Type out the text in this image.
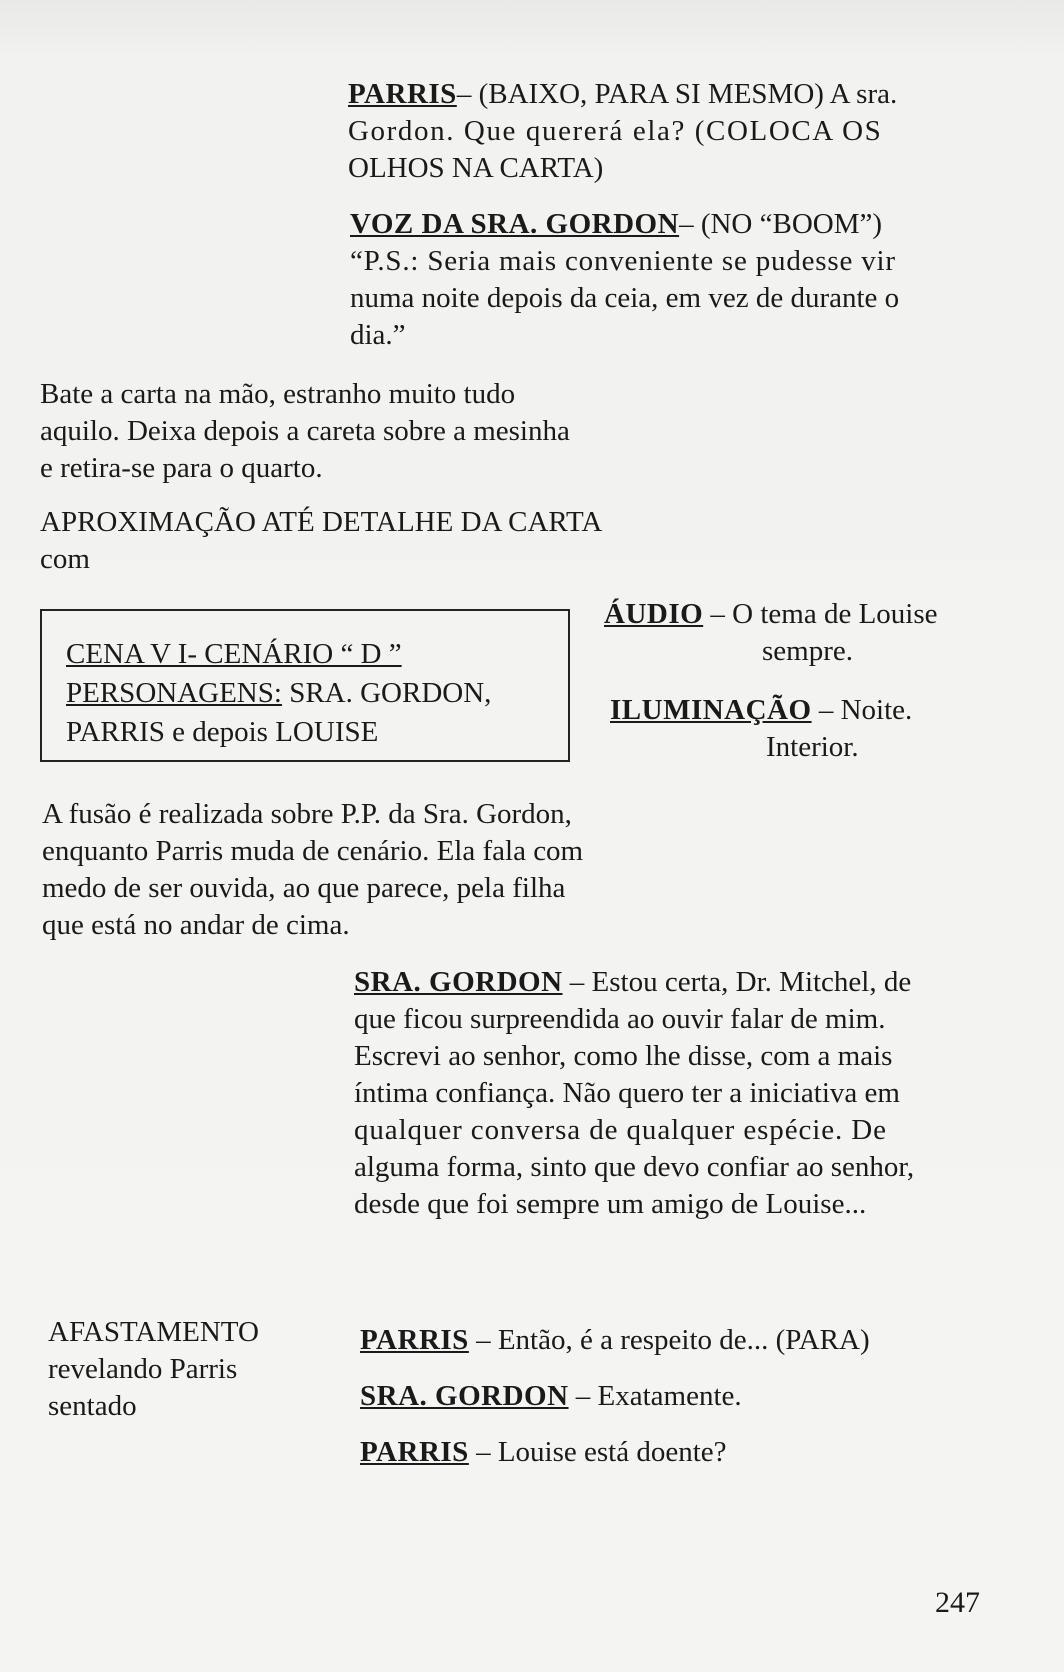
PARRIS– (BAIXO, PARA SI MESMO) A sra.
Gordon. Que quererá ela? (COLOCA OS
OLHOS NA CARTA)
VOZ DA SRA. GORDON– (NO “BOOM”)
“P.S.: Seria mais conveniente se pudesse vir
numa noite depois da ceia, em vez de durante o
dia.”
Bate a carta na mão, estranho muito tudo
aquilo. Deixa depois a careta sobre a mesinha
e retira-se para o quarto.
APROXIMAÇÃO ATÉ DETALHE DA CARTA
com
CENA V I- CENÁRIO “ D ”
PERSONAGENS: SRA. GORDON,
PARRIS e depois LOUISE
ÁUDIO – O tema de Louise
sempre.
ILUMINAÇÃO – Noite.
Interior.
A fusão é realizada sobre P.P. da Sra. Gordon,
enquanto Parris muda de cenário. Ela fala com
medo de ser ouvida, ao que parece, pela filha
que está no andar de cima.
SRA. GORDON – Estou certa, Dr. Mitchel, de
que ficou surpreendida ao ouvir falar de mim.
Escrevi ao senhor, como lhe disse, com a mais
íntima confiança. Não quero ter a iniciativa em
qualquer conversa de qualquer espécie. De
alguma forma, sinto que devo confiar ao senhor,
desde que foi sempre um amigo de Louise...
AFASTAMENTO
revelando Parris
sentado
PARRIS – Então, é a respeito de... (PARA)
SRA. GORDON – Exatamente.
PARRIS – Louise está doente?
247
